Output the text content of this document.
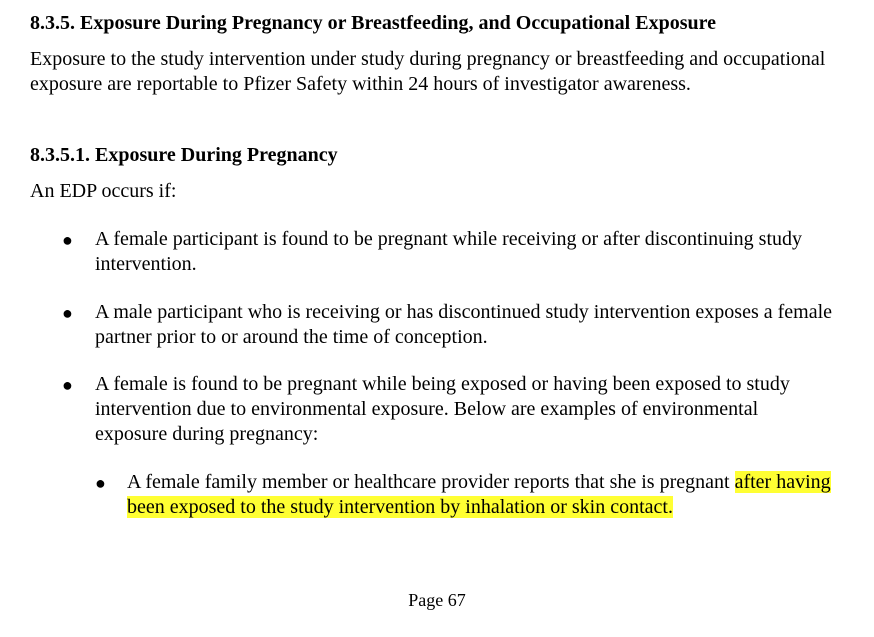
8.3.5. Exposure During Pregnancy or Breastfeeding, and Occupational Exposure

Exposure to the study intervention under study during pregnancy or breastfeeding and occupational exposure are reportable to Pfizer Safety within 24 hours of investigator awareness.

8.3.5.1. Exposure During Pregnancy

An EDP occurs if:

● A female participant is found to be pregnant while receiving or after discontinuing study intervention.

● A male participant who is receiving or has discontinued study intervention exposes a female partner prior to or around the time of conception.

● A female is found to be pregnant while being exposed or having been exposed to study intervention due to environmental exposure. Below are examples of environmental exposure during pregnancy:

● A female family member or healthcare provider reports that she is pregnant after having been exposed to the study intervention by inhalation or skin contact.

Page 67
